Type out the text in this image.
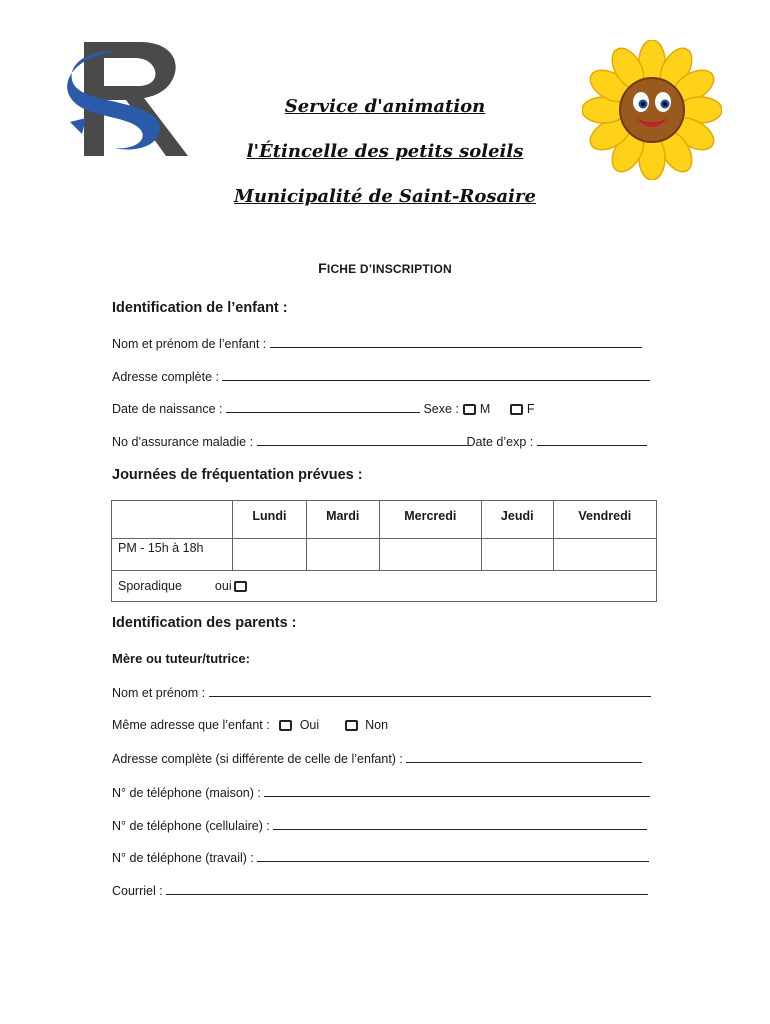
Service d'animation
l'Étincelle des petits soleils
Municipalité de Saint-Rosaire
FICHE D’INSCRIPTION
Identification de l’enfant :
Nom et prénom de l’enfant :
Adresse complète :
Date de naissance :	Sexe : M	F
No d’assurance maladie :	Date d’exp :
Journées de fréquentation prévues :
	Lundi	Mardi	Mercredi	Jeudi	Vendredi
PM - 15h à 18h					
Sporadique oui					
Identification des parents :
Mère ou tuteur/tutrice:
Nom et prénom :
Même adresse que l’enfant : Oui	Non
Adresse complète (si différente de celle de l’enfant) :
N° de téléphone (maison) :
N° de téléphone (cellulaire) :
N° de téléphone (travail) :
Courriel :
